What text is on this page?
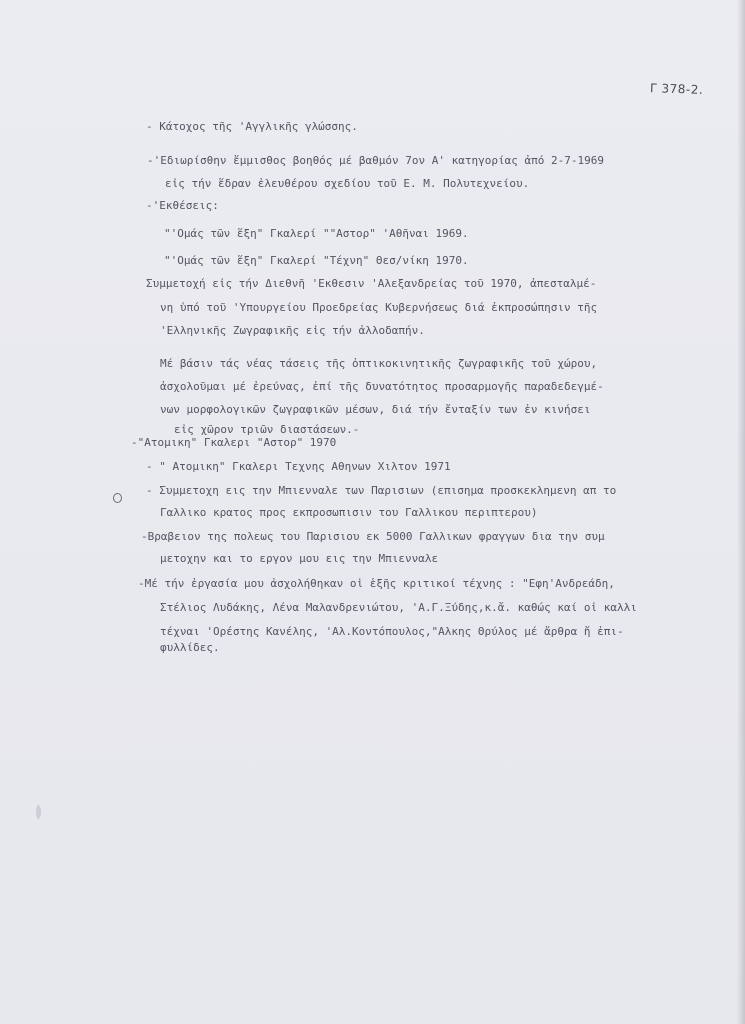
Γ 378-2.
- Κάτοχος τῆς 'Αγγλικῆς γλώσσης.
-'Εδιωρίσθην ἔμμισθος βοηθός μέ βαθμόν 7ον Α' κατηγορίας ἀπό 2-7-1969
εἰς τήν ἕδραν ἐλευθέρου σχεδίου τοῦ Ε. Μ. Πολυτεχνείου.
-'Εκθέσεις:
"'Ομάς τῶν ἕξη" Γκαλερί ""Αστορ" 'Αθῆναι 1969.
"'Ομάς τῶν ἕξη" Γκαλερί "Τέχνη" Θεσ/νίκη 1970.
Συμμετοχή εἰς τήν Διεθνῆ 'Εκθεσιν 'Αλεξανδρείας τοῦ 1970, ἀπεσταλμέ-
νη ὑπό τοῦ 'Υπουργείου Προεδρείας Κυβερνήσεως διά ἐκπροσώπησιν τῆς
'Ελληνικῆς Ζωγραφικῆς εἰς τήν ἀλλοδαπήν.
Μέ βάσιν τάς νέας τάσεις τῆς ὀπτικοκινητικῆς ζωγραφικῆς τοῦ χώρου,
ἀσχολοῦμαι μέ ἐρεύνας, ἐπί τῆς δυνατότητος προσαρμογῆς παραδεδεγμέ-
νων μορφολογικῶν ζωγραφικῶν μέσων, διά τήν ἔνταξίν των ἐν κινήσει
εἰς χῶρον τριῶν διαστάσεων.-
-"Ατομικη" Γκαλερι "Αστορ" 1970
- " Ατομικη" Γκαλερι Τεχνης Αθηνων Χιλτον 1971
- Συμμετοχη εις την Μπιενναλε των Παρισιων (επισημα προσκεκλημενη απ το
Γαλλικο κρατος προς εκπροσωπισιν του Γαλλικου περιπτερου)
-Βραβειον της πολεως του Παρισιου εκ 5000 Γαλλικων φραγγων δια την συμ
μετοχην και το εργον μου εις την Μπιενναλε
-Μέ τήν ἐργασία μου ἀσχολήθηκαν οἱ ἑξῆς κριτικοί τέχνης : "Εφη'Ανδρεάδη,
Στέλιος Λυδάκης, Λένα Μαλανδρενιώτου, 'Α.Γ.Ξύδης,κ.ἄ. καθώς καί οἱ καλλι
τέχναι 'Ορέστης Κανέλης, 'Αλ.Κοντόπουλος,"Αλκης Θρύλος μέ ἄρθρα ἤ ἐπι-
φυλλίδες.
